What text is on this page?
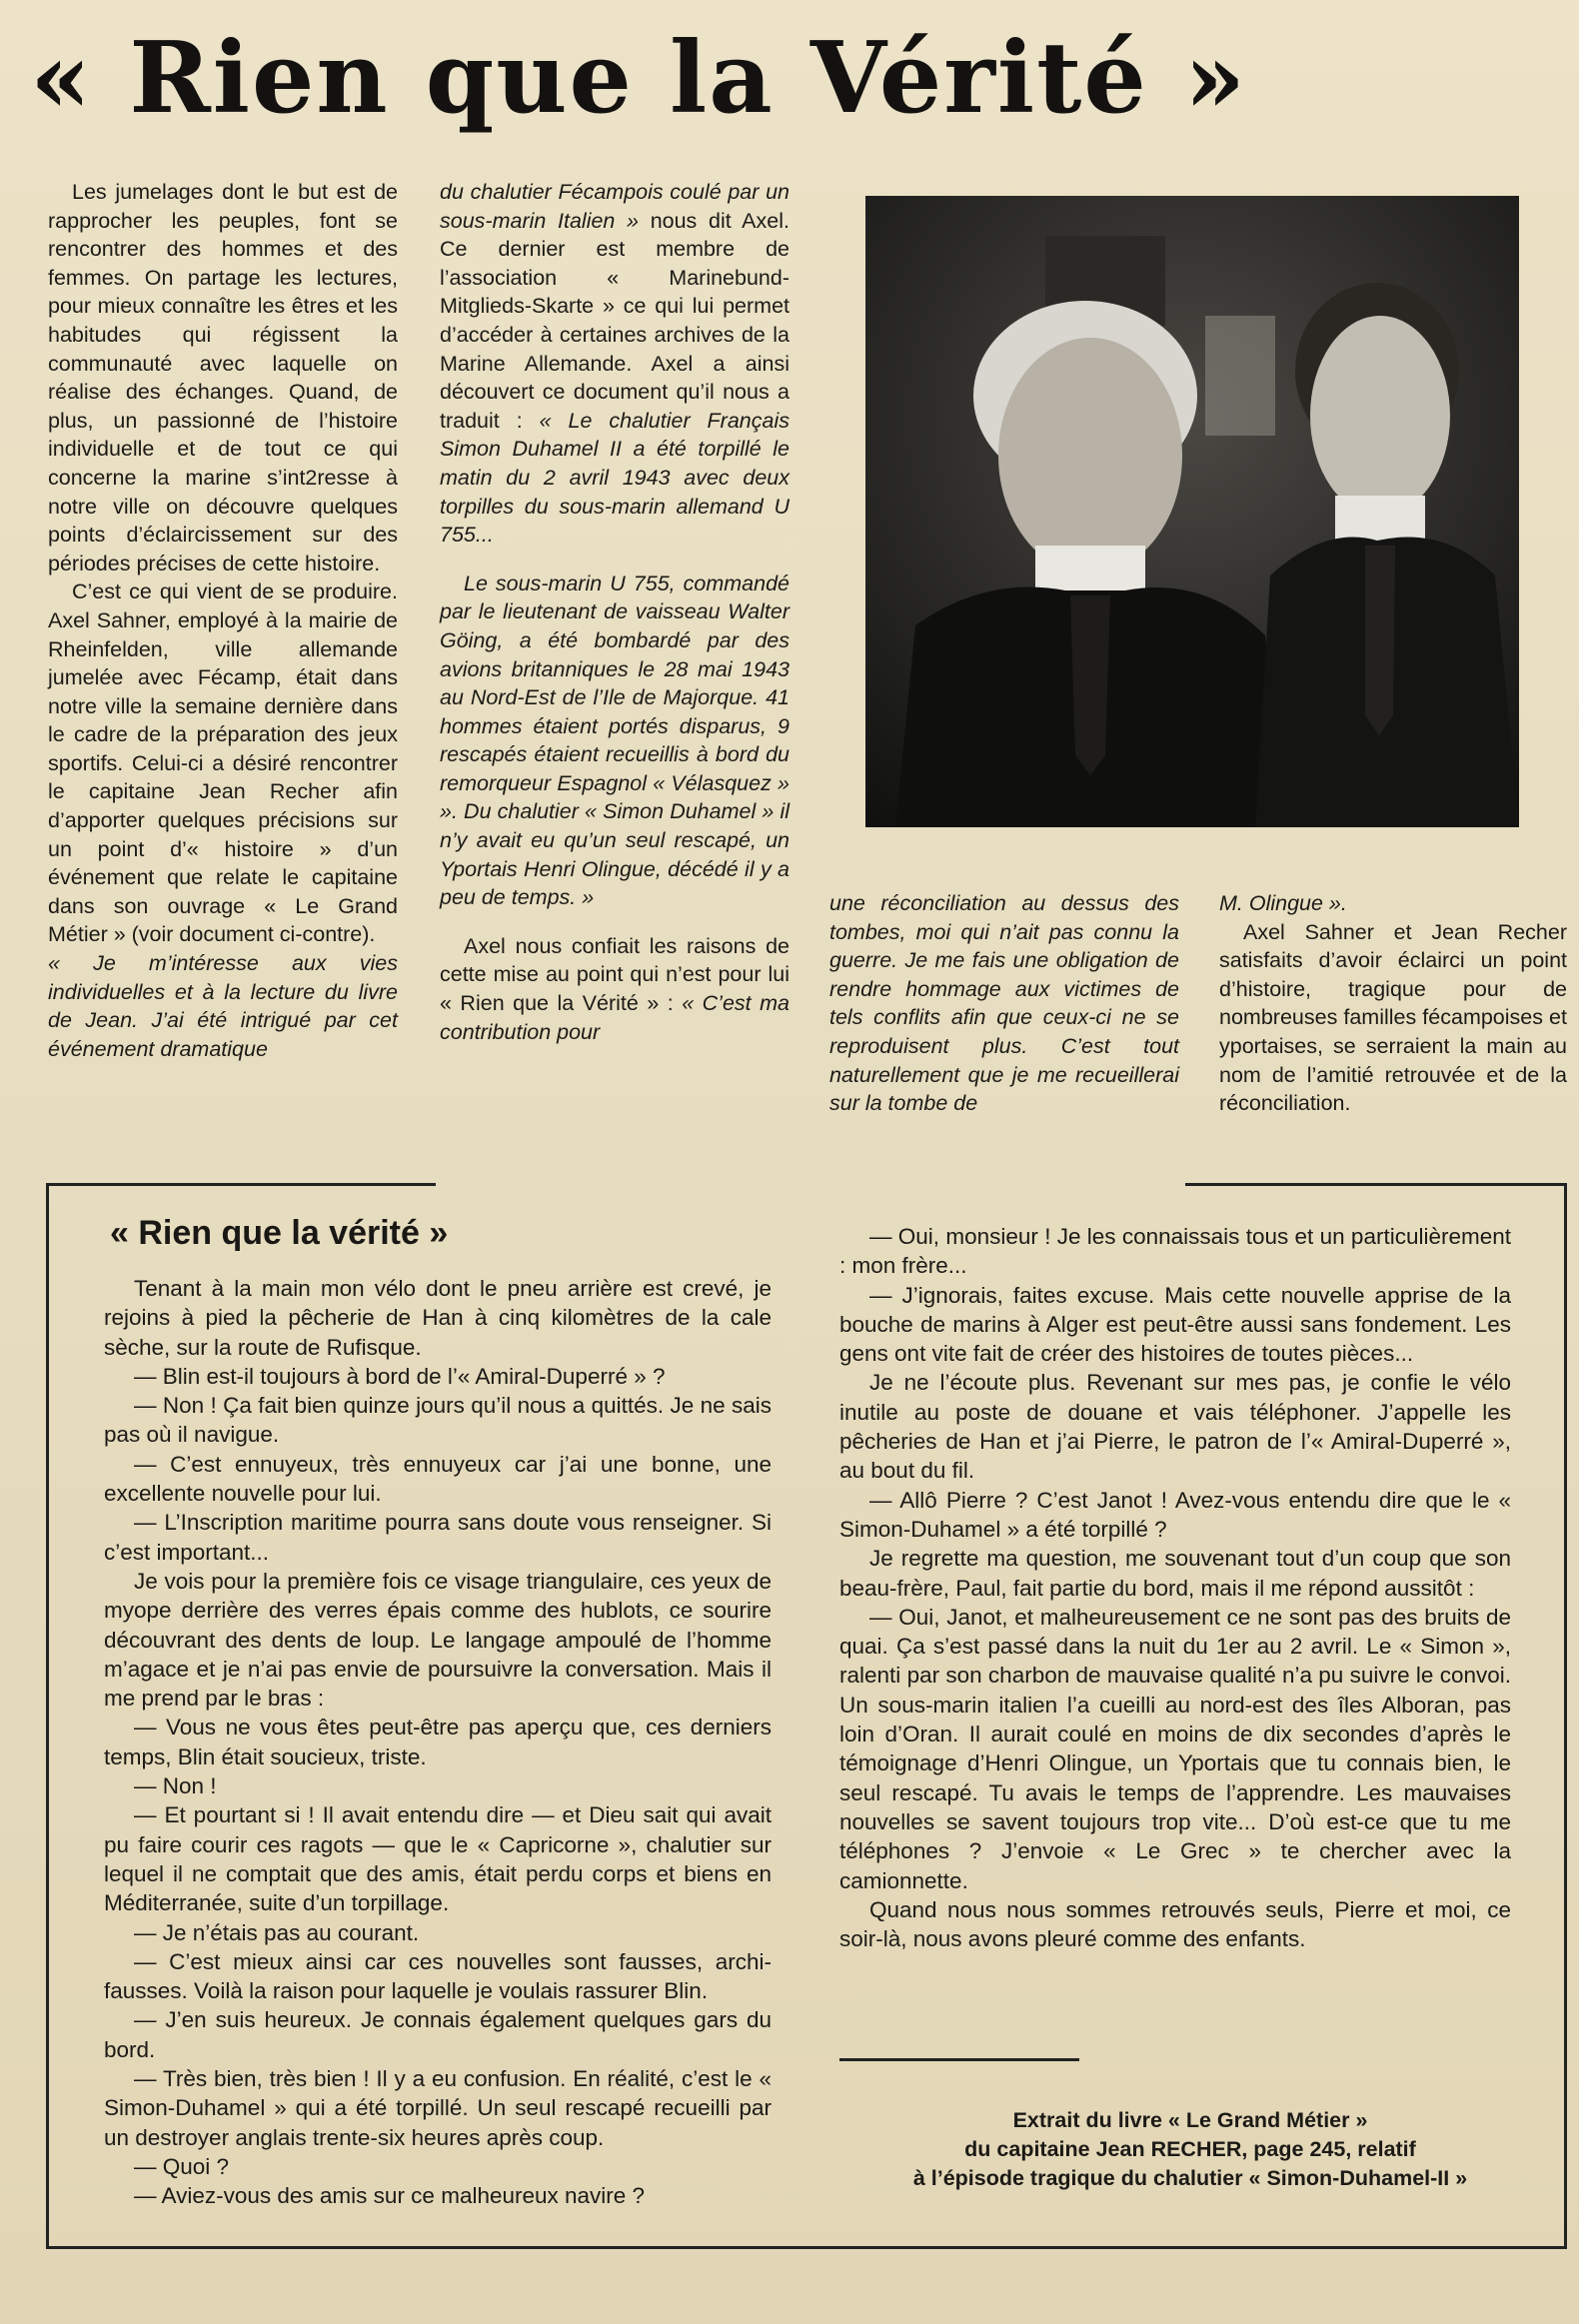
« Rien que la Vérité »

Les jumelages dont le but est de rapprocher les peuples, font se rencontrer des hommes et des femmes. On partage les lectures, pour mieux connaître les êtres et les habitudes qui régissent la communauté avec laquelle on réalise des échanges. Quand, de plus, un passionné de l’histoire individuelle et de tout ce qui concerne la marine s’int2resse à notre ville on découvre quelques points d’éclaircissement sur des périodes précises de cette histoire.

C’est ce qui vient de se produire. Axel Sahner, employé à la mairie de Rheinfelden, ville allemande jumelée avec Fécamp, était dans notre ville la semaine dernière dans le cadre de la préparation des jeux sportifs. Celui-ci a désiré rencontrer le capitaine Jean Recher afin d’apporter quelques précisions sur un point d’« histoire » d’un événement que relate le capitaine dans son ouvrage « Le Grand Métier » (voir document ci-contre).

« Je m’intéresse aux vies individuelles et à la lecture du livre de Jean. J’ai été intrigué par cet événement dramatique

du chalutier Fécampois coulé par un sous-marin Italien » nous dit Axel. Ce dernier est membre de l’association « Marinebund-Mitglieds-Skarte » ce qui lui permet d’accéder à certaines archives de la Marine Allemande. Axel a ainsi découvert ce document qu’il nous a traduit : « Le chalutier Français Simon Duhamel II a été torpillé le matin du 2 avril 1943 avec deux torpilles du sous-marin allemand U 755...

Le sous-marin U 755, commandé par le lieutenant de vaisseau Walter Göing, a été bombardé par des avions britanniques le 28 mai 1943 au Nord-Est de l’Ile de Majorque. 41 hommes étaient portés disparus, 9 rescapés étaient recueillis à bord du remorqueur Espagnol « Vélasquez » ». Du chalutier « Simon Duhamel » il n’y avait eu qu’un seul rescapé, un Yportais Henri Olingue, décédé il y a peu de temps. »

Axel nous confiait les raisons de cette mise au point qui n’est pour lui « Rien que la Vérité » : « C’est ma contribution pour

une réconciliation au dessus des tombes, moi qui n’ait pas connu la guerre. Je me fais une obligation de rendre hommage aux victimes de tels conflits afin que ceux-ci ne se reproduisent plus. C’est tout naturellement que je me recueillerai sur la tombe de

M. Olingue ».

Axel Sahner et Jean Recher satisfaits d’avoir éclairci un point d’histoire, tragique pour de nombreuses familles fécampoises et yportaises, se serraient la main au nom de l’amitié retrouvée et de la réconciliation.

« Rien que la vérité »

Tenant à la main mon vélo dont le pneu arrière est crevé, je rejoins à pied la pêcherie de Han à cinq kilomètres de la cale sèche, sur la route de Rufisque.

— Blin est-il toujours à bord de l’« Amiral-Duperré » ?

— Non ! Ça fait bien quinze jours qu’il nous a quittés. Je ne sais pas où il navigue.

— C’est ennuyeux, très ennuyeux car j’ai une bonne, une excellente nouvelle pour lui.

— L’Inscription maritime pourra sans doute vous renseigner. Si c’est important...

Je vois pour la première fois ce visage triangulaire, ces yeux de myope derrière des verres épais comme des hublots, ce sourire découvrant des dents de loup. Le langage ampoulé de l’homme m’agace et je n’ai pas envie de poursuivre la conversation. Mais il me prend par le bras :

— Vous ne vous êtes peut-être pas aperçu que, ces derniers temps, Blin était soucieux, triste.

— Non !

— Et pourtant si ! Il avait entendu dire — et Dieu sait qui avait pu faire courir ces ragots — que le « Capricorne », chalutier sur lequel il ne comptait que des amis, était perdu corps et biens en Méditerranée, suite d’un torpillage.

— Je n’étais pas au courant.

— C’est mieux ainsi car ces nouvelles sont fausses, archi-fausses. Voilà la raison pour laquelle je voulais rassurer Blin.

— J’en suis heureux. Je connais également quelques gars du bord.

— Très bien, très bien ! Il y a eu confusion. En réalité, c’est le « Simon-Duhamel » qui a été torpillé. Un seul rescapé recueilli par un destroyer anglais trente-six heures après coup.

— Quoi ?

— Aviez-vous des amis sur ce malheureux navire ?

— Oui, monsieur ! Je les connaissais tous et un particulièrement : mon frère...

— J’ignorais, faites excuse. Mais cette nouvelle apprise de la bouche de marins à Alger est peut-être aussi sans fondement. Les gens ont vite fait de créer des histoires de toutes pièces...

Je ne l’écoute plus. Revenant sur mes pas, je confie le vélo inutile au poste de douane et vais téléphoner. J’appelle les pêcheries de Han et j’ai Pierre, le patron de l’« Amiral-Duperré », au bout du fil.

— Allô Pierre ? C’est Janot ! Avez-vous entendu dire que le « Simon-Duhamel » a été torpillé ?

Je regrette ma question, me souvenant tout d’un coup que son beau-frère, Paul, fait partie du bord, mais il me répond aussitôt :

— Oui, Janot, et malheureusement ce ne sont pas des bruits de quai. Ça s’est passé dans la nuit du 1er au 2 avril. Le « Simon », ralenti par son charbon de mauvaise qualité n’a pu suivre le convoi. Un sous-marin italien l’a cueilli au nord-est des îles Alboran, pas loin d’Oran. Il aurait coulé en moins de dix secondes d’après le témoignage d’Henri Olingue, un Yportais que tu connais bien, le seul rescapé. Tu avais le temps de l’apprendre. Les mauvaises nouvelles se savent toujours trop vite... D’où est-ce que tu me téléphones ? J’envoie « Le Grec » te chercher avec la camionnette.

Quand nous nous sommes retrouvés seuls, Pierre et moi, ce soir-là, nous avons pleuré comme des enfants.

Extrait du livre « Le Grand Métier »
du capitaine Jean RECHER, page 245, relatif
à l’épisode tragique du chalutier « Simon-Duhamel-II »
